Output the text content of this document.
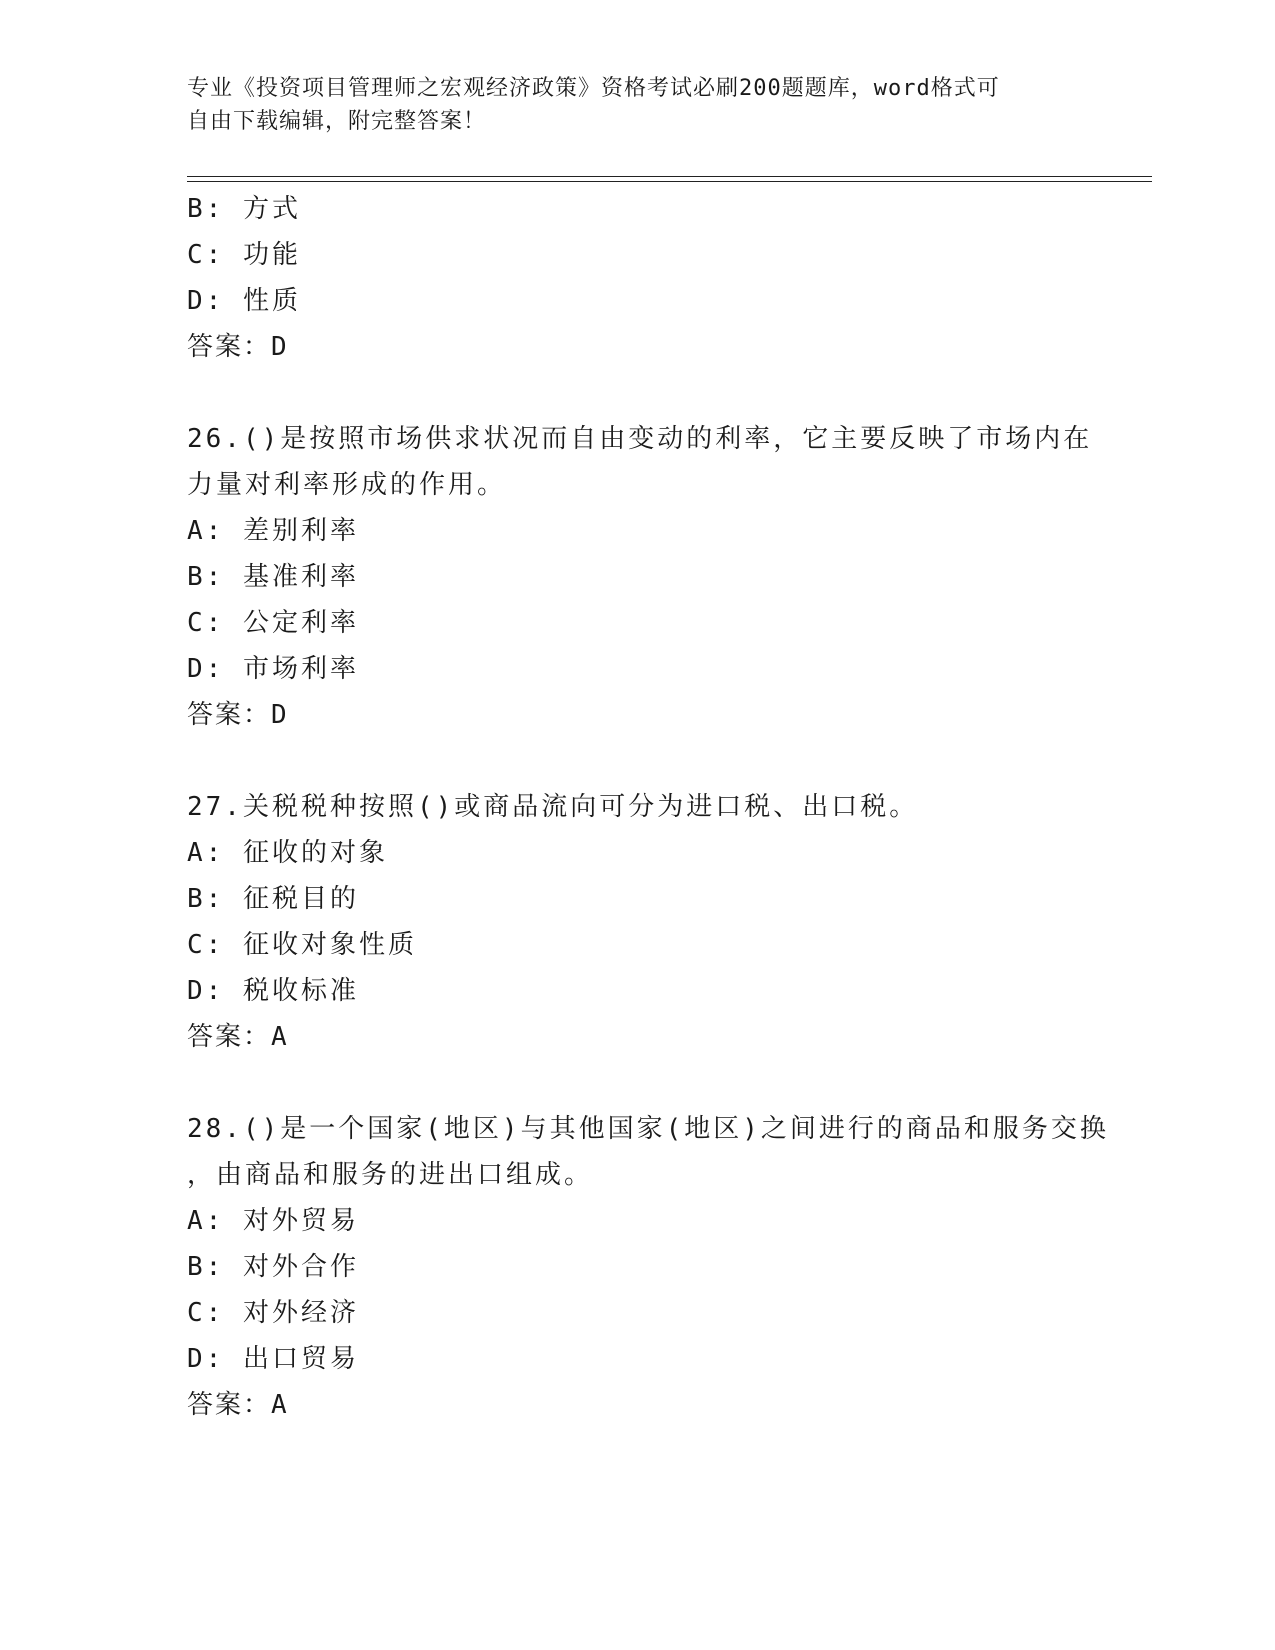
专业《投资项目管理师之宏观经济政策》资格考试必刷200题题库，word格式可
自由下载编辑，附完整答案！
B: 方式
C: 功能
D: 性质
答案：D
26.()是按照市场供求状况而自由变动的利率，它主要反映了市场内在
力量对利率形成的作用。
A: 差别利率
B: 基准利率
C: 公定利率
D: 市场利率
答案：D
27.关税税种按照()或商品流向可分为进口税、出口税。
A: 征收的对象
B: 征税目的
C: 征收对象性质
D: 税收标准
答案：A
28.()是一个国家(地区)与其他国家(地区)之间进行的商品和服务交换
，由商品和服务的进出口组成。
A: 对外贸易
B: 对外合作
C: 对外经济
D: 出口贸易
答案：A
